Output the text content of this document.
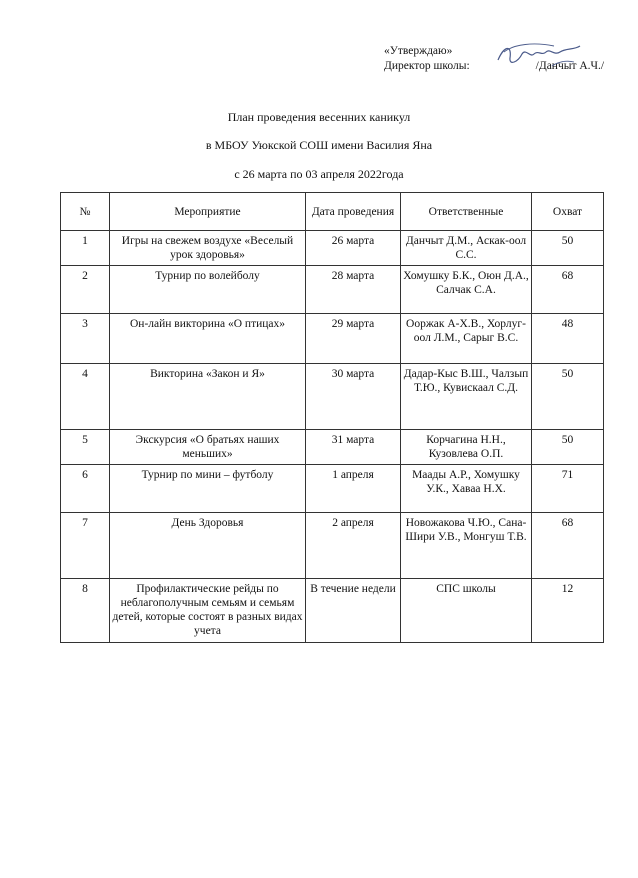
«Утверждаю»
Директор школы:	/Данчыт А.Ч./
План проведения весенних каникул
в МБОУ Уюкской СОШ имени Василия Яна
с 26 марта по 03 апреля 2022года
№	Мероприятие	Дата проведения	Ответственные	Охват
1	Игры на свежем воздухе «Веселый урок здоровья»	26 марта	Данчыт Д.М., Аскак-оол С.С.	50
2	Турнир по волейболу	28 марта	Хомушку Б.К., Оюн Д.А., Салчак С.А.	68
3	Он-лайн викторина «О птицах»	29 марта	Ооржак А-Х.В., Хорлуг-оол Л.М., Сарыг В.С.	48
4	Викторина «Закон и Я»	30 марта	Дадар-Кыс В.Ш., Чалзып Т.Ю., Кувискаал С.Д.	50
5	Экскурсия «О братьях наших меньших»	31 марта	Корчагина Н.Н., Кузовлева О.П.	50
6	Турнир по мини – футболу	1 апреля	Маады А.Р., Хомушку У.К., Хаваа Н.Х.	71
7	День Здоровья	2 апреля	Новожакова Ч.Ю., Сана-Шири У.В., Монгуш Т.В.	68
8	Профилактические рейды по неблагополучным семьям и семьям детей, которые состоят в разных видах учета	В течение недели	СПС школы	12
